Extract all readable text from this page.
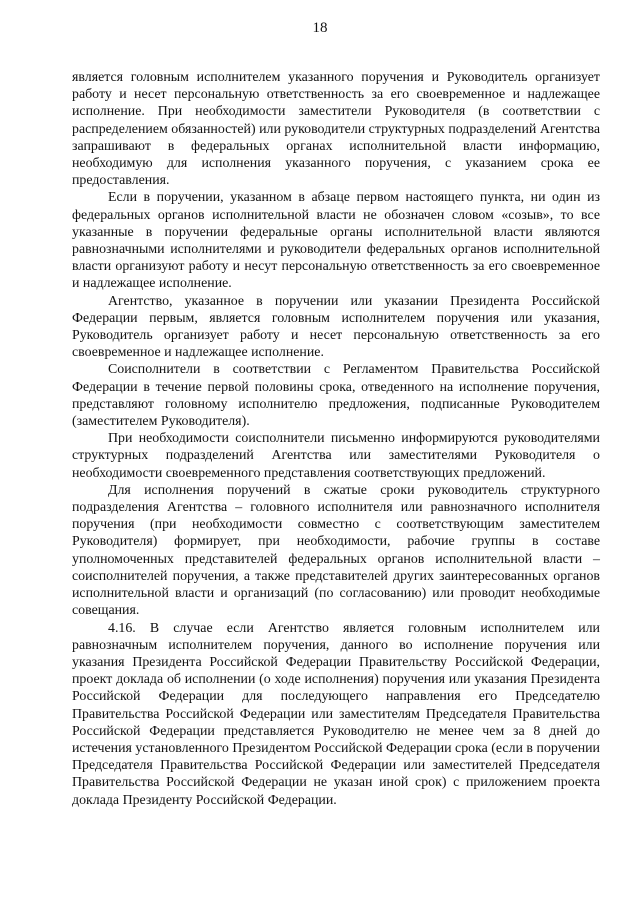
18

является головным исполнителем указанного поручения и Руководитель организует работу и несет персональную ответственность за его своевременное и надлежащее исполнение. При необходимости заместители Руководителя (в соответствии с распределением обязанностей) или руководители структурных подразделений Агентства запрашивают в федеральных органах исполнительной власти информацию, необходимую для исполнения указанного поручения, с указанием срока ее предоставления.

Если в поручении, указанном в абзаце первом настоящего пункта, ни один из федеральных органов исполнительной власти не обозначен словом «созыв», то все указанные в поручении федеральные органы исполнительной власти являются равнозначными исполнителями и руководители федеральных органов исполнительной власти организуют работу и несут персональную ответственность за его своевременное и надлежащее исполнение.

Агентство, указанное в поручении или указании Президента Российской Федерации первым, является головным исполнителем поручения или указания, Руководитель организует работу и несет персональную ответственность за его своевременное и надлежащее исполнение.

Соисполнители в соответствии с Регламентом Правительства Российской Федерации в течение первой половины срока, отведенного на исполнение поручения, представляют головному исполнителю предложения, подписанные Руководителем (заместителем Руководителя).

При необходимости соисполнители письменно информируются руководителями структурных подразделений Агентства или заместителями Руководителя о необходимости своевременного представления соответствующих предложений.

Для исполнения поручений в сжатые сроки руководитель структурного подразделения Агентства – головного исполнителя или равнозначного исполнителя поручения (при необходимости совместно с соответствующим заместителем Руководителя) формирует, при необходимости, рабочие группы в составе уполномоченных представителей федеральных органов исполнительной власти – соисполнителей поручения, а также представителей других заинтересованных органов исполнительной власти и организаций (по согласованию) или проводит необходимые совещания.

4.16. В случае если Агентство является головным исполнителем или равнозначным исполнителем поручения, данного во исполнение поручения или указания Президента Российской Федерации Правительству Российской Федерации, проект доклада об исполнении (о ходе исполнения) поручения или указания Президента Российской Федерации для последующего направления его Председателю Правительства Российской Федерации или заместителям Председателя Правительства Российской Федерации представляется Руководителю не менее чем за 8 дней до истечения установленного Президентом Российской Федерации срока (если в поручении Председателя Правительства Российской Федерации или заместителей Председателя Правительства Российской Федерации не указан иной срок) с приложением проекта доклада Президенту Российской Федерации.
